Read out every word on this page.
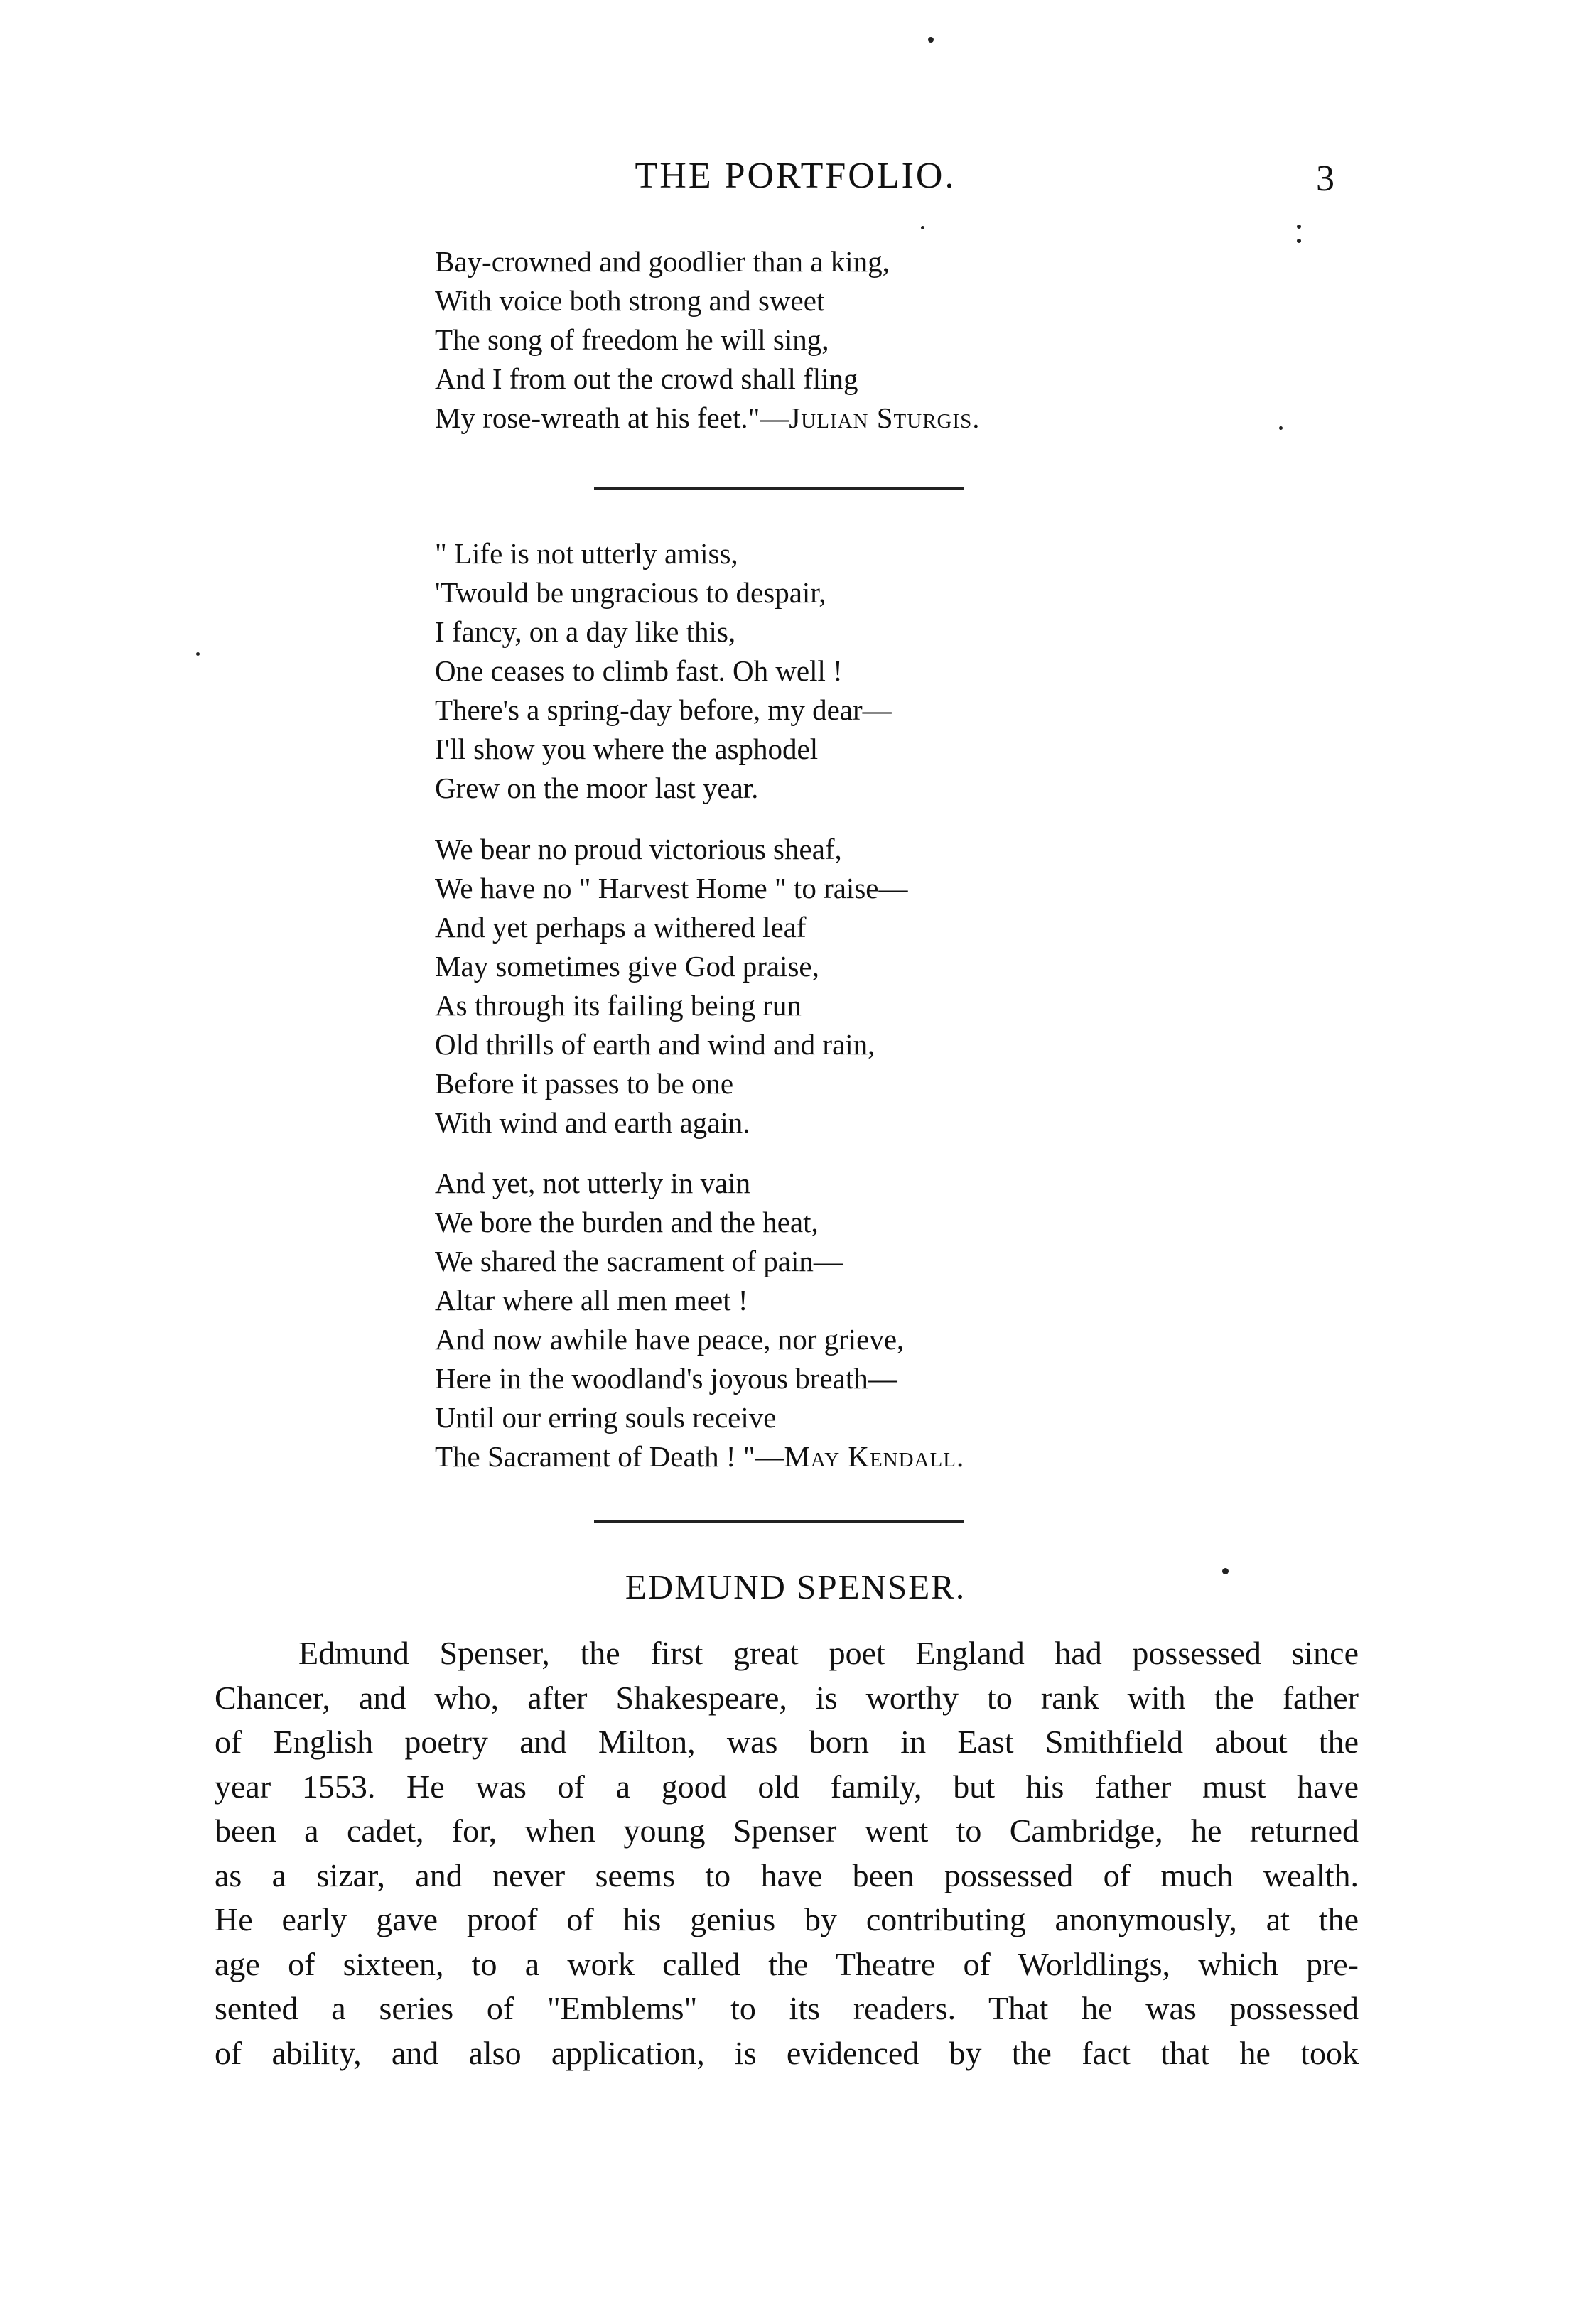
THE PORTFOLIO.	3
Bay-crowned and goodlier than a king,
With voice both strong and sweet
The song of freedom he will sing,
And I from out the crowd shall fling
My rose-wreath at his feet."—Julian Sturgis.
" Life is not utterly amiss,
'Twould be ungracious to despair,
I fancy, on a day like this,
One ceases to climb fast. Oh well !
There's a spring-day before, my dear—
I'll show you where the asphodel
Grew on the moor last year.
We bear no proud victorious sheaf,
We have no " Harvest Home " to raise—
And yet perhaps a withered leaf
May sometimes give God praise,
As through its failing being run
Old thrills of earth and wind and rain,
Before it passes to be one
With wind and earth again.
And yet, not utterly in vain
We bore the burden and the heat,
We shared the sacrament of pain—
Altar where all men meet !
And now awhile have peace, nor grieve,
Here in the woodland's joyous breath—
Until our erring souls receive
The Sacrament of Death ! "—May Kendall.
EDMUND SPENSER.
Edmund Spenser, the first great poet England had possessed since
Chancer, and who, after Shakespeare, is worthy to rank with the father
of English poetry and Milton, was born in East Smithfield about the
year 1553. He was of a good old family, but his father must have
been a cadet, for, when young Spenser went to Cambridge, he returned
as a sizar, and never seems to have been possessed of much wealth.
He early gave proof of his genius by contributing anonymously, at the
age of sixteen, to a work called the Theatre of Worldlings, which pre-
sented a series of "Emblems" to its readers. That he was possessed
of ability, and also application, is evidenced by the fact that he took
